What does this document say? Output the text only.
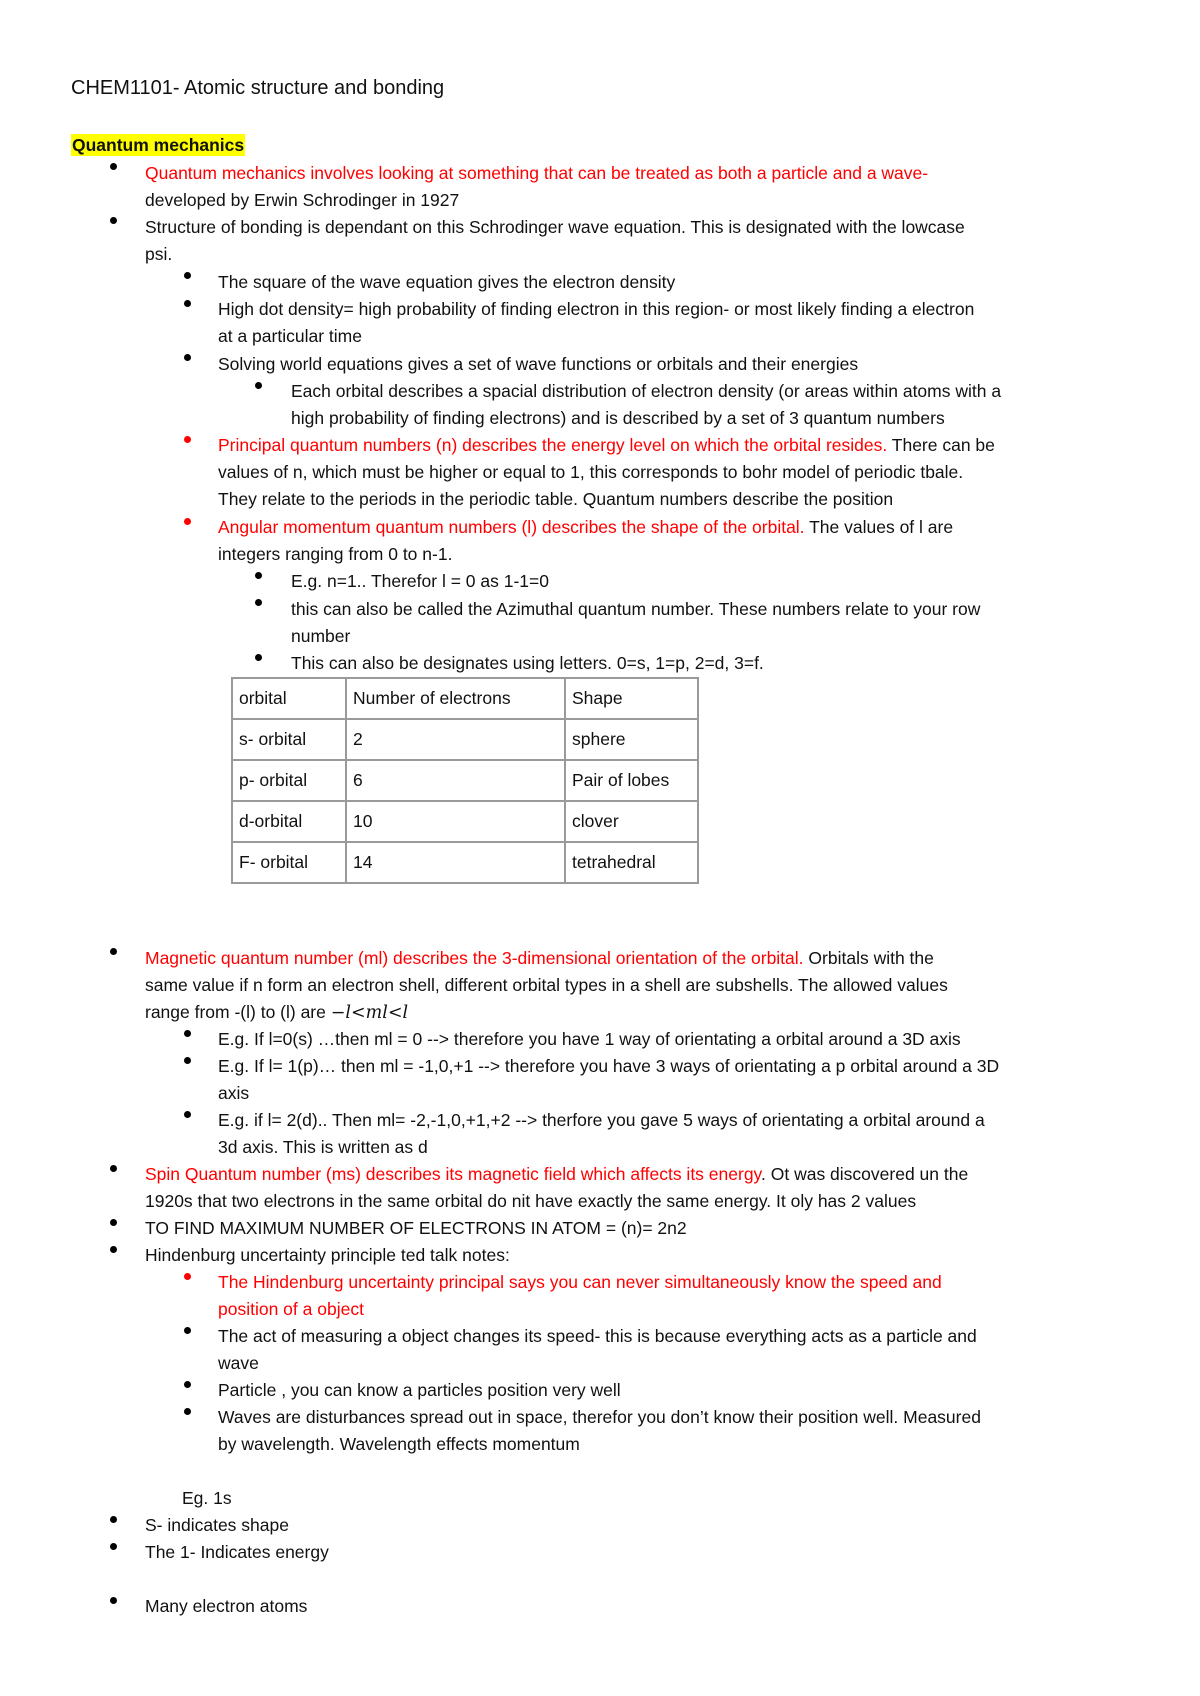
CHEM1101- Atomic structure and bonding
Quantum mechanics
Quantum mechanics involves looking at something that can be treated as both a particle and a wave-
developed by Erwin Schrodinger in 1927
Structure of bonding is dependant on this Schrodinger wave equation. This is designated with the lowcase
psi.
The square of the wave equation gives the electron density
High dot density= high probability of finding electron in this region- or most likely finding a electron
at a particular time
Solving world equations gives a set of wave functions or orbitals and their energies
Each orbital describes a spacial distribution of electron density (or areas within atoms with a
high probability of finding electrons) and is described by a set of 3 quantum numbers
Principal quantum numbers (n) describes the energy level on which the orbital resides. There can be
values of n, which must be higher or equal to 1, this corresponds to bohr model of periodic tbale.
They relate to the periods in the periodic table. Quantum numbers describe the position
Angular momentum quantum numbers (l) describes the shape of the orbital. The values of l are
integers ranging from 0 to n-1.
E.g. n=1.. Therefor l = 0 as 1-1=0
this can also be called the Azimuthal quantum number. These numbers relate to your row
number
This can also be designates using letters. 0=s, 1=p, 2=d, 3=f.
orbital	Number of electrons	Shape
s- orbital	2	sphere
p- orbital	6	Pair of lobes
d-orbital	10	clover
F- orbital	14	tetrahedral
Magnetic quantum number (ml) describes the 3-dimensional orientation of the orbital. Orbitals with the
same value if n form an electron shell, different orbital types in a shell are subshells. The allowed values
range from -(l) to (l) are −l<ml<l
E.g. If l=0(s) …then ml = 0 --> therefore you have 1 way of orientating a orbital around a 3D axis
E.g. If l= 1(p)… then ml = -1,0,+1 --> therefore you have 3 ways of orientating a p orbital around a 3D
axis
E.g. if l= 2(d).. Then ml= -2,-1,0,+1,+2 --> therfore you gave 5 ways of orientating a orbital around a
3d axis. This is written as d
Spin Quantum number (ms) describes its magnetic field which affects its energy. Ot was discovered un the
1920s that two electrons in the same orbital do nit have exactly the same energy. It oly has 2 values
TO FIND MAXIMUM NUMBER OF ELECTRONS IN ATOM = (n)= 2n2
Hindenburg uncertainty principle ted talk notes:
The Hindenburg uncertainty principal says you can never simultaneously know the speed and
position of a object
The act of measuring a object changes its speed- this is because everything acts as a particle and
wave
Particle , you can know a particles position very well
Waves are disturbances spread out in space, therefor you don’t know their position well. Measured
by wavelength. Wavelength effects momentum
Eg. 1s
S- indicates shape
The 1- Indicates energy
Many electron atoms
